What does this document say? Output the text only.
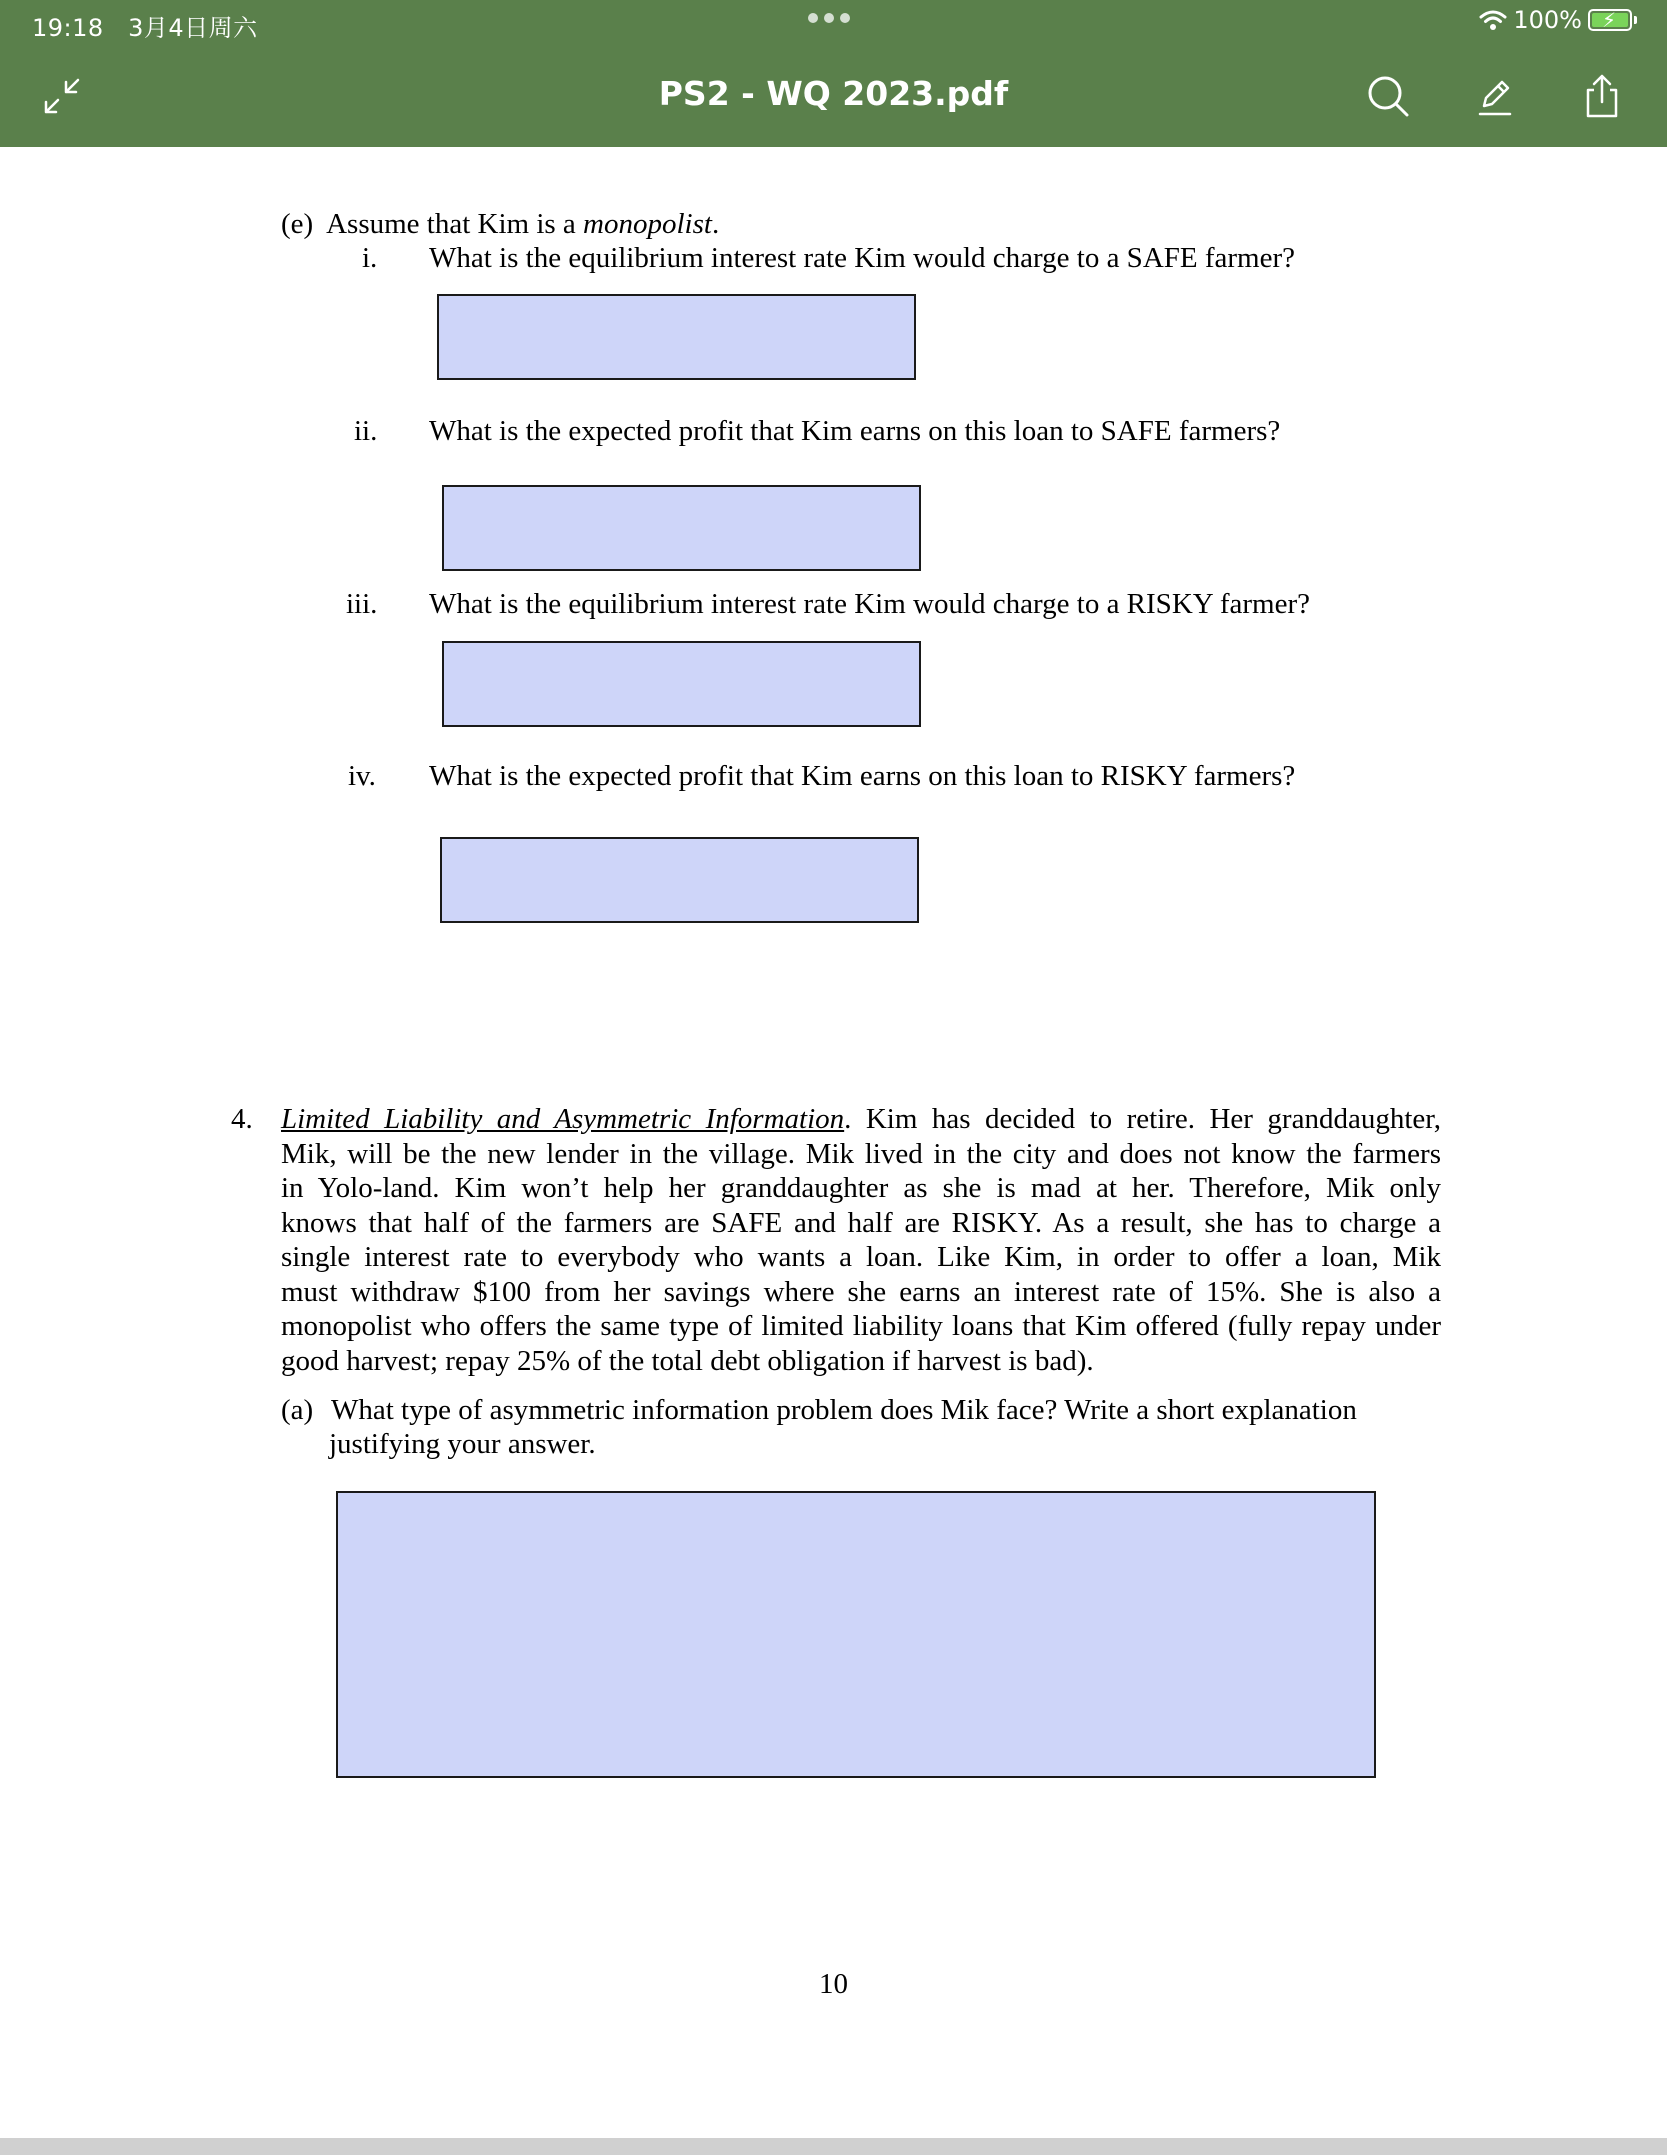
19:18 3月4日周六	100% ⚡
PS2 - WQ 2023.pdf
(e) Assume that Kim is a monopolist.
i. What is the equilibrium interest rate Kim would charge to a SAFE farmer?
ii. What is the expected profit that Kim earns on this loan to SAFE farmers?
iii. What is the equilibrium interest rate Kim would charge to a RISKY farmer?
iv. What is the expected profit that Kim earns on this loan to RISKY farmers?
4. Limited Liability and Asymmetric Information. Kim has decided to retire. Her granddaughter,
Mik, will be the new lender in the village. Mik lived in the city and does not know the farmers
in Yolo-land. Kim won’t help her granddaughter as she is mad at her. Therefore, Mik only
knows that half of the farmers are SAFE and half are RISKY. As a result, she has to charge a
single interest rate to everybody who wants a loan. Like Kim, in order to offer a loan, Mik
must withdraw $100 from her savings where she earns an interest rate of 15%. She is also a
monopolist who offers the same type of limited liability loans that Kim offered (fully repay under
good harvest; repay 25% of the total debt obligation if harvest is bad).
(a) What type of asymmetric information problem does Mik face? Write a short explanation
justifying your answer.
10
